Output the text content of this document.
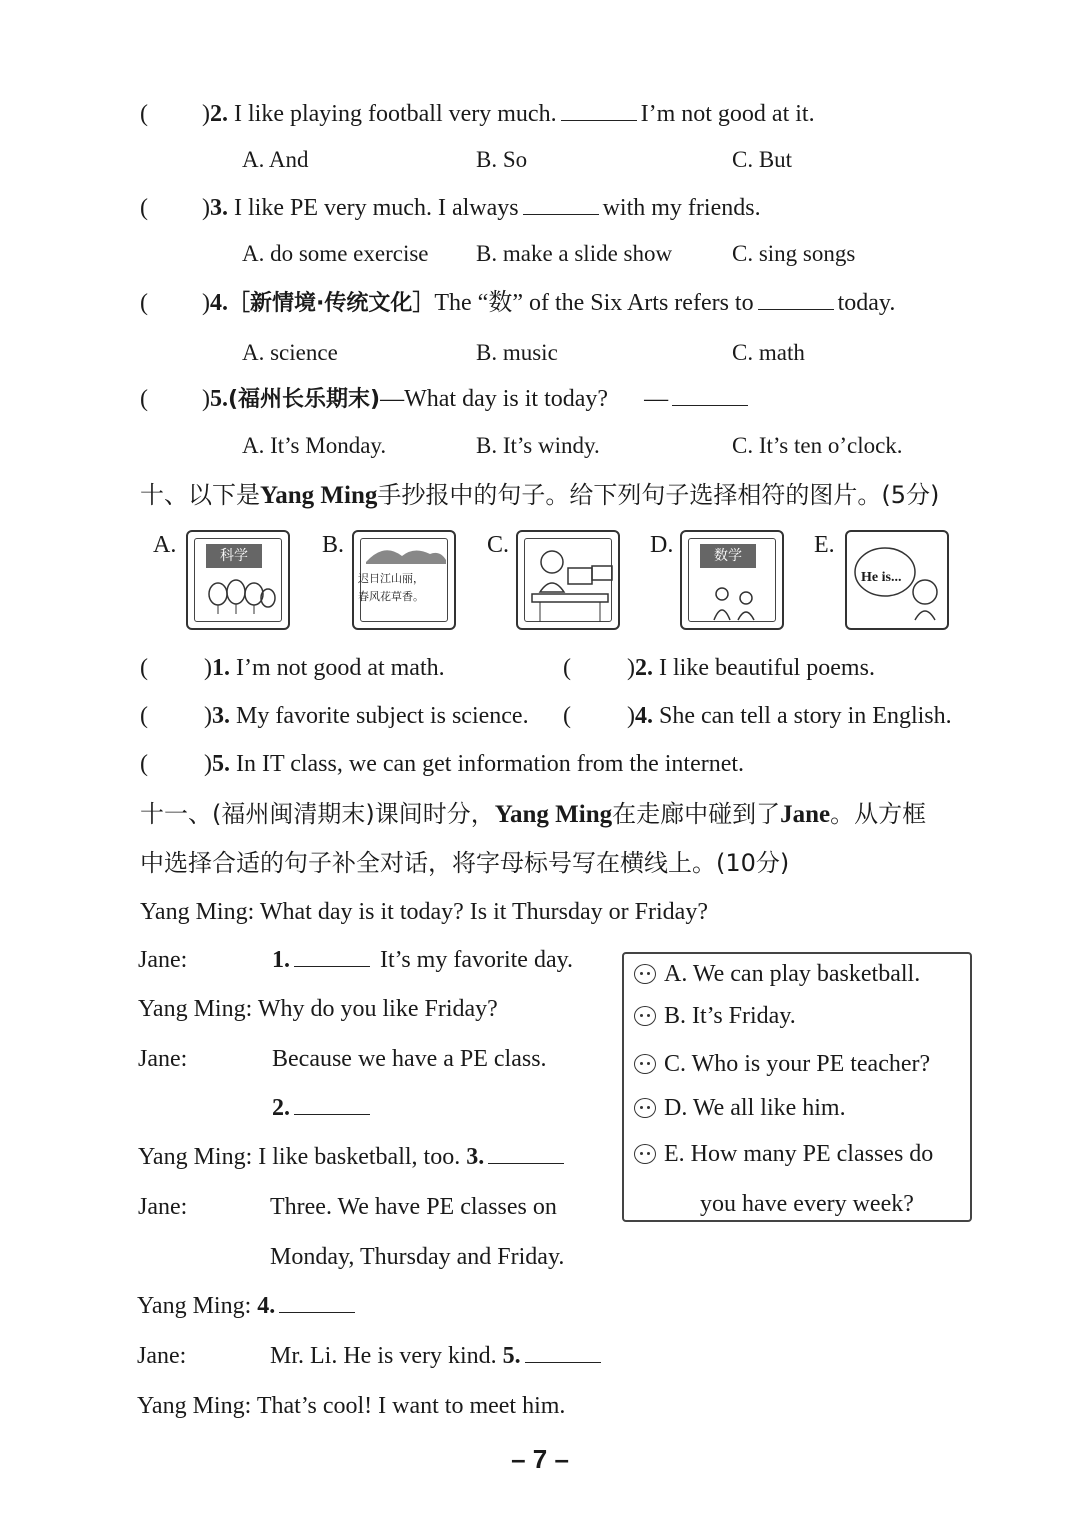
( )2. I like playing football very much.	I’m not good at it.
A. And	B. So	C. But
( )3. I like PE very much. I always	with my friends.
A. do some exercise B. make a slide show	C. sing songs
( )4.［新情境·传统文化］The “数” of the Six Arts refers to	today.
A. science	B. music	C. math
( )5.(福州长乐期末)—What day is it today? —
A. It’s Monday.	B. It’s windy.	C. It’s ten o’clock.
十、以下是Yang Ming手抄报中的句子。给下列句子选择相符的图片。(5分)
A.	科学	B.
迟日江山丽，
春风花草香。
C.	D.	数学	E.
He is...
( )1. I’m not good at math.	( )2. I like beautiful poems.
( )3. My favorite subject is science. ( )4. She can tell a story in English.
( )5. In IT class, we can get information from the internet.
十一、(福州闽清期末)课间时分，Yang Ming在走廊中碰到了Jane。从方框
中选择合适的句子补全对话，将字母标号写在横线上。(10分)
Yang Ming: What day is it today? Is it Thursday or Friday?
Jane:	1.	It’s my favorite day.
Yang Ming: Why do you like Friday?
Jane:	Because we have a PE class.
2.
Yang Ming: I like basketball, too. 3.
Jane:	Three. We have PE classes on
Monday, Thursday and Friday.
Yang Ming: 4.
Jane:	Mr. Li. He is very kind. 5.
Yang Ming: That’s cool! I want to meet him.
A. We can play basketball.
B. It’s Friday.
C. Who is your PE teacher?
D. We all like him.
E. How many PE classes do
you have every week?
– 7 –
